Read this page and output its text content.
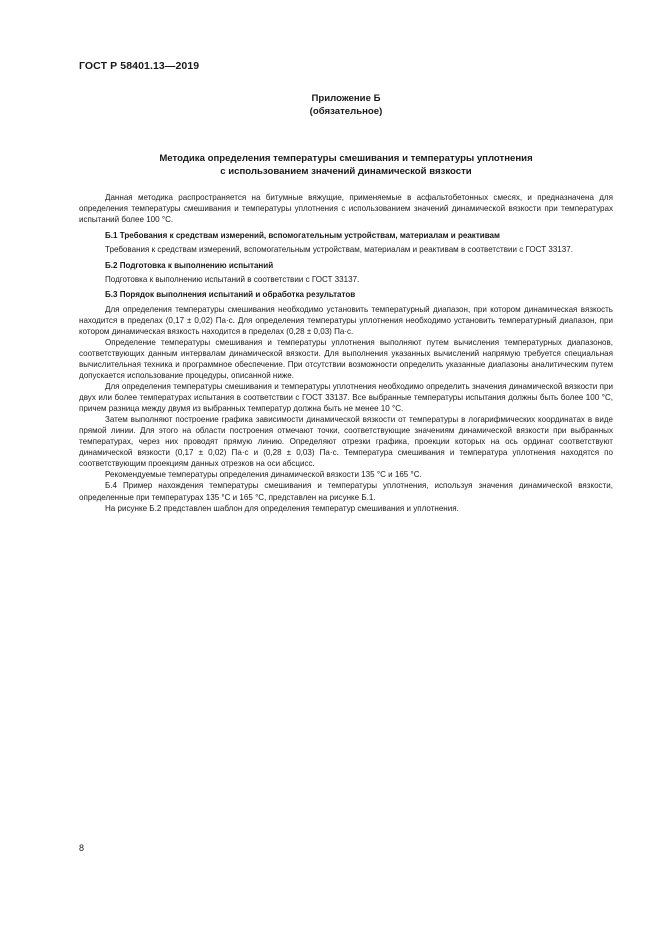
ГОСТ Р 58401.13—2019
Приложение Б
(обязательное)
Методика определения температуры смешивания и температуры уплотнения
с использованием значений динамической вязкости

Данная методика распространяется на битумные вяжущие, применяемые в асфальтобетонных смесях, и предназначена для определения температуры смешивания и температуры уплотнения с использованием значений динамической вязкости при температурах испытаний более 100 °С.

Б.1 Требования к средствам измерений, вспомогательным устройствам, материалам и реактивам

Требования к средствам измерений, вспомогательным устройствам, материалам и реактивам в соответствии с ГОСТ 33137.

Б.2 Подготовка к выполнению испытаний

Подготовка к выполнению испытаний в соответствии с ГОСТ 33137.

Б.3 Порядок выполнения испытаний и обработка результатов

Для определения температуры смешивания необходимо установить температурный диапазон, при котором динамическая вязкость находится в пределах (0,17 ± 0,02) Па·с. Для определения температуры уплотнения необходимо установить температурный диапазон, при котором динамическая вязкость находится в пределах (0,28 ± 0,03) Па·с.

Определение температуры смешивания и температуры уплотнения выполняют путем вычисления температурных диапазонов, соответствующих данным интервалам динамической вязкости. Для выполнения указанных вычислений напрямую требуется специальная вычислительная техника и программное обеспечение. При отсутствии возможности определить указанные диапазоны аналитическим путем допускается использование процедуры, описанной ниже.

Для определения температуры смешивания и температуры уплотнения необходимо определить значения динамической вязкости при двух или более температурах испытания в соответствии с ГОСТ 33137. Все выбранные температуры испытания должны быть более 100 °С, причем разница между двумя из выбранных температур должна быть не менее 10 °С.

Затем выполняют построение графика зависимости динамической вязкости от температуры в логарифмических координатах в виде прямой линии. Для этого на области построения отмечают точки, соответствующие значениям динамической вязкости при выбранных температурах, через них проводят прямую линию. Определяют отрезки графика, проекции которых на ось ординат соответствуют динамической вязкости (0,17 ± 0,02) Па·с и (0,28 ± 0,03) Па·с. Температура смешивания и температура уплотнения находятся по соответствующим проекциям данных отрезков на оси абсцисс.

Рекомендуемые температуры определения динамической вязкости 135 °С и 165 °С.

Б.4 Пример нахождения температуры смешивания и температуры уплотнения, используя значения динамической вязкости, определенные при температурах 135 °С и 165 °С, представлен на рисунке Б.1.

На рисунке Б.2 представлен шаблон для определения температур смешивания и уплотнения.

8
